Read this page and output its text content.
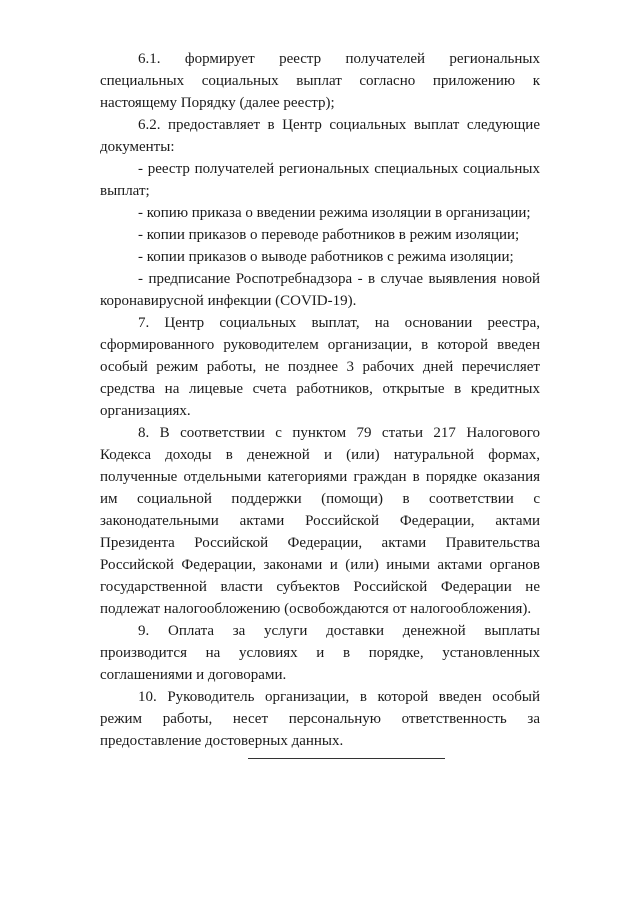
6.1. формирует реестр получателей региональных специальных социальных выплат согласно приложению к настоящему Порядку (далее реестр);

6.2. предоставляет в Центр социальных выплат следующие документы:

- реестр получателей региональных специальных социальных выплат;

- копию приказа о введении режима изоляции в организации;

- копии приказов о переводе работников в режим изоляции;

- копии приказов о выводе работников с режима изоляции;

- предписание Роспотребнадзора - в случае выявления новой коронавирусной инфекции (COVID-19).

7. Центр социальных выплат, на основании реестра, сформированного руководителем организации, в которой введен особый режим работы, не позднее 3 рабочих дней перечисляет средства на лицевые счета работников, открытые в кредитных организациях.

8. В соответствии с пунктом 79 статьи 217 Налогового Кодекса доходы в денежной и (или) натуральной формах, полученные отдельными категориями граждан в порядке оказания им социальной поддержки (помощи) в соответствии с законодательными актами Российской Федерации, актами Президента Российской Федерации, актами Правительства Российской Федерации, законами и (или) иными актами органов государственной власти субъектов Российской Федерации не подлежат налогообложению (освобождаются от налогообложения).

9. Оплата за услуги доставки денежной выплаты производится на условиях и в порядке, установленных соглашениями и договорами.

10. Руководитель организации, в которой введен особый режим работы, несет персональную ответственность за предоставление достоверных данных.
